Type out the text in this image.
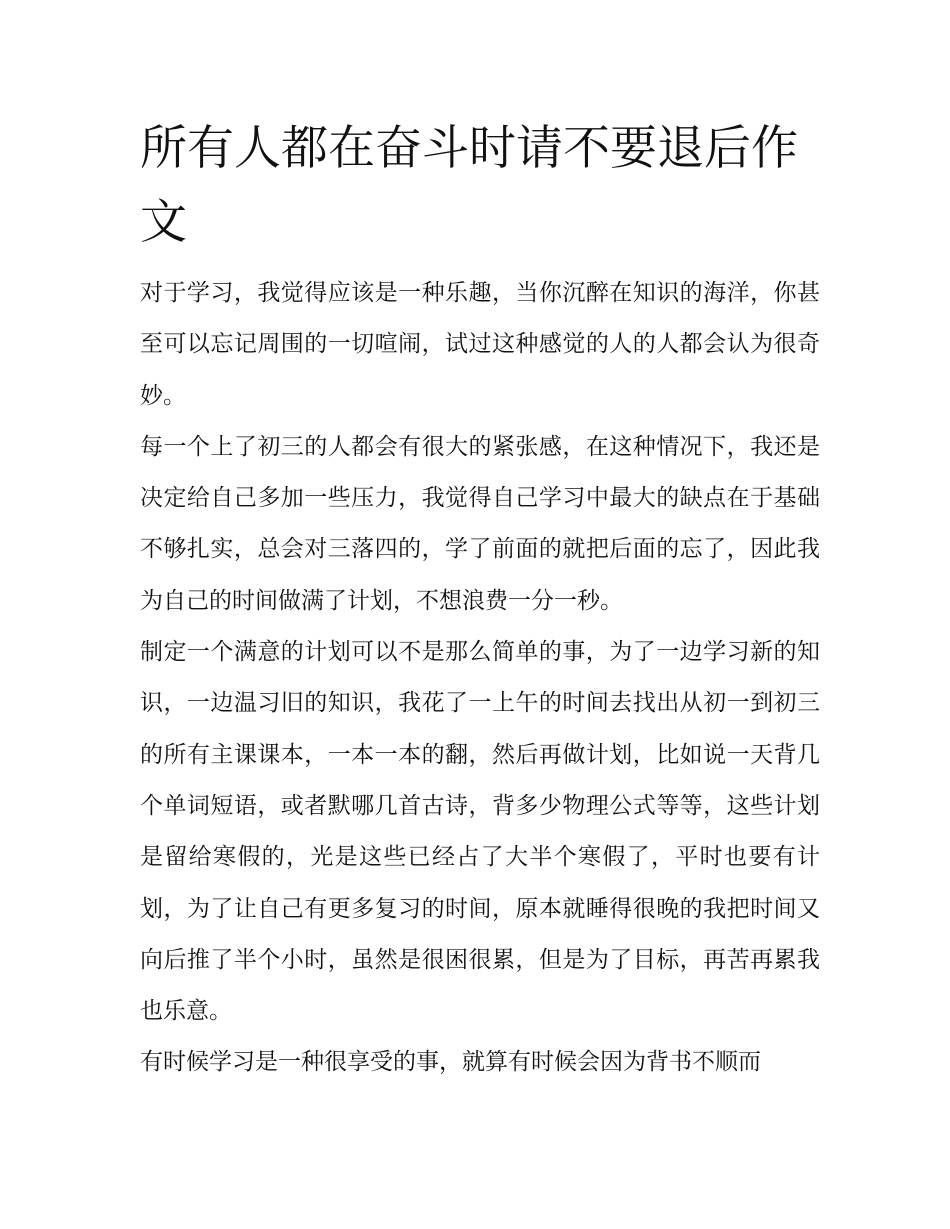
所有人都在奋斗时请不要退后作文

对于学习，我觉得应该是一种乐趣，当你沉醉在知识的海洋，你甚至可以忘记周围的一切喧闹，试过这种感觉的人的人都会认为很奇妙。

每一个上了初三的人都会有很大的紧张感，在这种情况下，我还是决定给自己多加一些压力，我觉得自己学习中最大的缺点在于基础不够扎实，总会对三落四的，学了前面的就把后面的忘了，因此我为自己的时间做满了计划，不想浪费一分一秒。

制定一个满意的计划可以不是那么简单的事，为了一边学习新的知识，一边温习旧的知识，我花了一上午的时间去找出从初一到初三的所有主课课本，一本一本的翻，然后再做计划，比如说一天背几个单词短语，或者默哪几首古诗，背多少物理公式等等，这些计划是留给寒假的，光是这些已经占了大半个寒假了，平时也要有计划，为了让自己有更多复习的时间，原本就睡得很晚的我把时间又向后推了半个小时，虽然是很困很累，但是为了目标，再苦再累我也乐意。

有时候学习是一种很享受的事，就算有时候会因为背书不顺而
